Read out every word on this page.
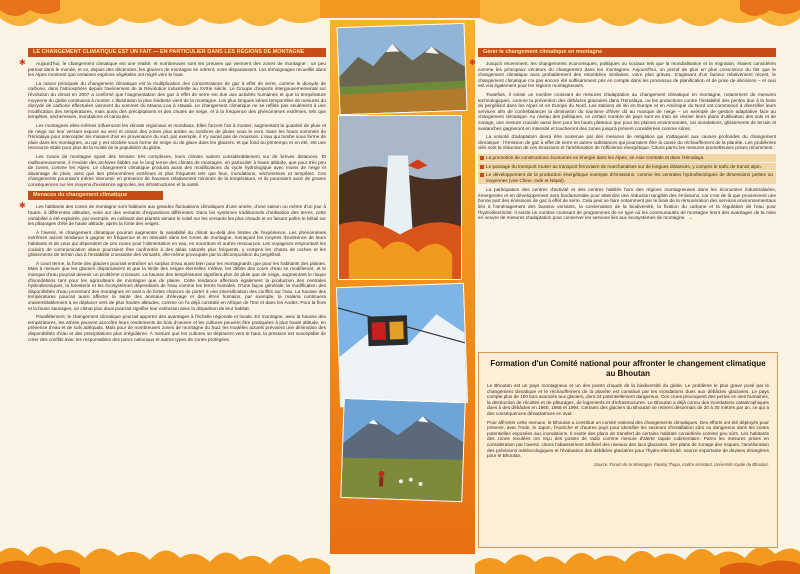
LE CHANGEMENT CLIMATIQUE EST UN FAIT — EN PARTICULIER DANS LES RÉGIONS DE MONTAGNE
✱	Aujourd'hui, le changement climatique est une réalité, et nombreuses sont les preuves qui viennent des zones de montagne : un peu partout dans le monde, et ce, depuis des décennies, les glaciers de montagne se retirent, voire disparaissent. Les témoignages recueillis dans les Alpes montrent que certaines espèces végétales ont migré vers le haut.

La raison principale du changement climatique est la multiplication des concentrations de gaz à effet de serre, comme le dioxyde de carbone, dans l'atmosphère depuis l'avènement de la Révolution industrielle au XVIIIe siècle. Le Groupe d'experts intergouvernemental sur l'évolution du climat en 2007 a confirmé que l'augmentation des gaz à effet de serre est due aux activités humaines et que la température moyenne du globe continuera à monter. L'illustration la plus évidente vient de la montagne. Les plus longues séries temporelles de mesures du dioxyde de carbone effectuées viennent du sommet du Mauna Loa à Hawaii. Le changement climatique ne se reflète pas seulement à une modification des températures, mais aussi des précipitations et des chutes de neige, et à la fréquence des phénomènes extrêmes, tels que tempêtes, sécheresses, inondations et canicules.

Les montagnes elles-mêmes influencent les climats régionaux et mondiaux. Elles forcent l'air à monter, augmentant la quantité de pluie et de neige sur leur versant exposé au vent et créant des zones plus arides ou sombres de pluies sous le vent. Sans les hauts sommets de l'Himalaya pour intercepter les masses d'air en provenance du sud, par exemple, il n'y aurait pas de mousson. L'eau qui tombe sous forme de pluie dans les montagnes, ou qui y est stockée sous forme de neige ou de glace dans les glaciers, et qui fond au printemps et en été, est une ressource vitale pour plus de la moitié de la population du globe.

Les zones de montagne ayant des terrains très complexes, leurs climats varient considérablement sur de brèves distances. Et malheureusement, il n'existe des archives fiables sur le long terme des climats de montagne, en particulier à haute altitude, que pour très peu de zones, comme les Alpes. Le changement climatique produira aussi des modifications du cycle hydrologique avec moins de neige et davantage de pluie, ainsi que des phénomènes extrêmes et plus fréquents tels que feux, inondations, sécheresses et tempêtes. Ces changements pourraient même intervenir en présence de hausses relativement minimes de la température, et ils pourraient avoir de graves conséquences sur les moyens d'existence agricoles, les infrastructures et la santé.

Menaces du changement climatique
✱	Les habitants des zones de montagne sont habitués aux grandes fluctuations climatiques d'une année, d'une saison ou même d'un jour à l'autre, à différentes altitudes, voire sur des versants d'expositions différentes. Dans les systèmes traditionnels d'utilisation des terres, cette variabilité a été exploitée, par exemple, en cultivant des plantes aimant le soleil sur les versants les plus chauds et en faisant paître le bétail sur les pâturages d'été de haute altitude, après la fonte des neiges.

À l'avenir, le changement climatique pourrait augmenter la variabilité du climat au-delà des limites de l'expérience. Les phénomènes extrêmes auront tendance à gagner en fréquence et en intensité dans les zones de montagne, menaçant les moyens d'existence de leurs habitants et de ceux qui dépendent de ces zones pour l'alimentation en eau, en nourriture et autres ressources. Les voyageurs empruntant les couloirs de communication vitaux pourraient être confrontés à des aléas naturels plus fréquents, y compris les chutes de roches et les glissements de terrain dus à l'instabilité croissante des versants, elle-même provoquée par la décomposition du pergélisol.

À court terme, la fonte des glaciers pourrait entraîner un surplus d'eau aussi bien pour les montagnards que pour les habitants des plaines. Mais à mesure que les glaciers disparaissent et que la limite des neiges éternelles s'élève, les débits des cours d'eau se modifieront, et le manque d'eau pourrait devenir un problème croissant. La hausse des températures signifiera plus de pluie que de neige, augmentant le risque d'inondations tant pour les agriculteurs de montagne que de plaine. Cette tendance affectera également la production des centrales hydroélectriques, la foresterie et les écosystèmes dépendants de l'eau comme les terres humides. D'une façon générale, la modification des disponibilités d'eau provenant des montagnes en aval a de fortes chances de porter à une intensification des conflits sur l'eau. La hausse des températures pourrait aussi affecter la santé des animaux d'élevage et des êtres humains, par exemple, la malaria continuera vraisemblablement à se déplacer vers de plus hautes altitudes, comme on l'a déjà constaté en Afrique de l'Est et dans les Andes. Pour la flore et la faune sauvages, un climat plus doux pourrait signifier leur extinction avec la disparition de leur habitat.

Parallèlement, le changement climatique pourrait apporter des avantages à l'échelle régionale et locale. En montagne, avec la hausse des températures, les arbres peuvent accroître leurs rendements de bois d'oeuvre et les cultures peuvent être pratiquées à plus haute altitude, en présence d'eau et de sols adéquats. Mais pour de nombreuses zones de montagne du Sud, les modèles actuels prévoient une diminution des disponibilités d'eau et des précipitations plus irrégulières. À mesure que les cultures se déplacent vers le haut, la pression est susceptible de créer des conflits avec les responsables des parcs nationaux et autres types de zones protégées.

Gérer le changement climatique en montagne
✱	Jusqu'à récemment, les changements économiques, politiques ou sociaux tels que la mondialisation et la migration, étaient considérés comme les principaux vecteurs du changement dans les montagnes. Aujourd'hui, on prend de plus en plus conscience du fait que le changement climatique aura probablement des retombées similaires, voire plus graves. S'agissant d'un facteur relativement récent, le changement climatique n'a pas encore été suffisamment pris en compte dans les processus de planification et de prise de décisions – et ceci est vrai également pour les régions montagneuses.

Toutefois, il existe un nombre croissant de mesures d'adaptation au changement climatique en montagne, notamment de mesures technologiques, comme la prévention des débâcles glaciaires dans l'Himalaya, ou les protections contre l'instabilité des pentes due à la fonte du pergélisol dans les Alpes et en Europe du Nord. Les stations de ski en Europe et en Amérique du Nord ont commencé à diversifier leurs services afin de contrebalancer la diminution du tourisme d'hiver dû au manque de neige – un exemple de gestion adaptative face au changement climatique. Au niveau des politiques, un certain nombre de pays sont en train de réviser leurs plans d'utilisation des sols et de zonage, une mesure cruciale aussi bien pour les hauts plateaux que pour les plaines environnantes, car inondations, glissements de terrain et avalanches gagneront en intensité et toucheront des zones jusqu'à présent considérées comme sûres.

La volonté d'adaptation devra être soutenue par des mesures de mitigation qui s'attaquent aux causes profondes du changement climatique : l'émission de gaz à effet de serre et autres substances qui pourraient être la cause du réchauffement de la planète. Les problèmes clés sont la réduction de ces émissions et l'amélioration de l'efficience énergétique. Citons parmi les mesures prometteuses prises récemment :

La promotion de constructions économes en énergie dans les Alpes, en Asie Centrale et dans l'Himalaya.
Le passage du transport routier au transport ferroviaire de marchandises sur de longues distances, y compris le trafic de transit alpin.
Le développement de la production énergétique exempte d'émissions, comme les centrales hydroélectriques de dimensions petites ou moyennes (voir Chine, Inde et Népal).

La participation des centres d'activité et des centres habités hors des régions montagneuses dans les économies industrialisées, émergentes et en développement sera fondamentale pour atteindre une réduction tangible des émissions, car c'est de là que proviennent une bonne part des émissions de gaz à effet de serre. Cela peut se faire notamment par le biais de la rémunération des services environnementaux liés à l'aménagement des bassins versants, la conservation de la biodiversité, la fixation du carbone et la régulation de l'eau pour l'hydroélectricité. Il existe un nombre croissant de programmes de ce type où les communautés de montagne tirent des avantages de la mise en oeuvre de mesures d'adaptation pour conserver les services liés aux écosystèmes de montagne. →

Formation d'un Comité national pour affronter le changement climatique au Bhoutan

Le Bhoutan est un pays montagneux et un des points chauds de la biodiversité du globe. Le problème le plus grave posé par le changement climatique et le réchauffement de la planète est constitué par les inondations dues aux débâcles glaciaires. Le pays compte plus de 100 lacs associés aux glaciers, dont 24 potentiellement dangereux. Ces crues provoquent des pertes en vies humaines, la destruction de récoltes et de pâturages, de logements et d'infrastructures. Le Bhoutan a déjà connu des inondations catastrophiques dues à des débâcles en 1960, 1968 et 1994. Certains des glaciers du Bhoutan se retirent désormais de 20 à 30 mètres par an, ce qui a des conséquences dévastatrices en aval.

Pour affronter cette menace, le Bhoutan a constitué un comité national des changements climatiques. Des efforts ont été déployés pour prévenir, avec l'Inde, le Japon, l'Autriche et d'autres pays pour identifier les secteurs d'installation sûrs ou dangereux dans les zones potentielles exposées aux inondations. Il existe des plans de transfert de certains habitats considérés comme peu sûrs. Les habitants des zones reculées ont reçu des postes de radio comme mesure d'alerte rapide rudimentaire. Parmi les mesures prises en considération par l'avenir, citons l'abaissement artificiel des niveaux des lacs glaciaires, des plans de zonage des risques, l'amélioration des prévisions météorologiques et l'évaluation des débâcles glaciaires pour l'hydro-électricité, source importante de devises étrangères pour le Bhoutan.

Source: Forum de la Montagne, Pankaj Thapa, maître assistant, Université royale du Bhoutan.
